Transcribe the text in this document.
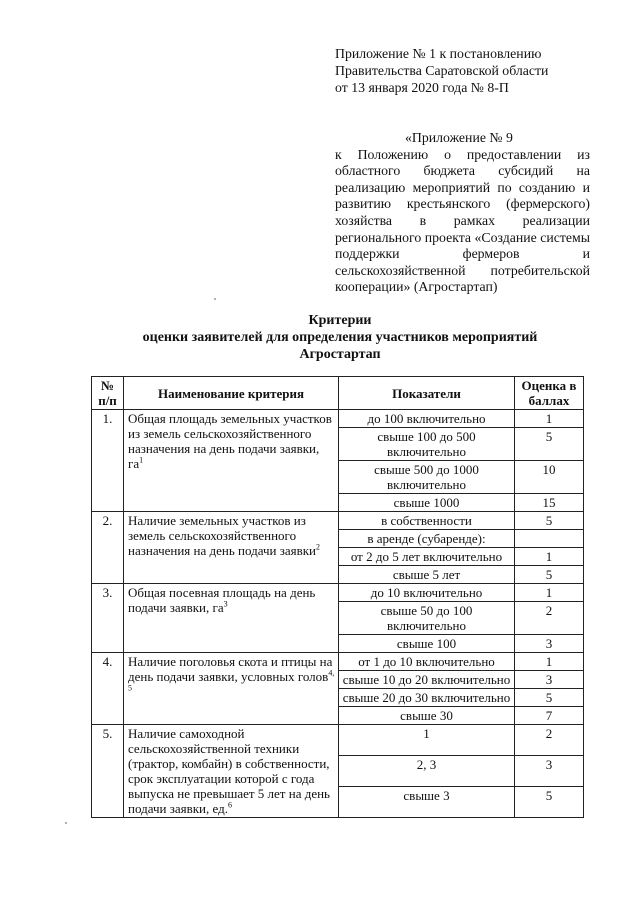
Приложение № 1 к постановлению
Правительства Саратовской области
от 13 января 2020 года № 8-П
«Приложение № 9
к Положению о предоставлении из областного бюджета субсидий на реализацию мероприятий по созданию и развитию крестьянского (фермерского) хозяйства в рамках реализации регионального проекта «Создание системы поддержки фермеров и сельскохозяйственной потребительской кооперации» (Агростартап)
Критерии
оценки заявителей для определения участников мероприятий
Агростартап
№ п/п	Наименование критерия	Показатели	Оценка в баллах
1.	Общая площадь земельных участков из земель сельскохозяйственного назначения на день подачи заявки, $га^1$	до 100 включительно	1
		свыше 100 до 500 включительно	5
		свыше 500 до 1000 включительно	10
		свыше 1000	15
2.	Наличие земельных участков из земель сельскохозяйственного назначения на день подачи заявки$^2$	в собственности	5
		в аренде (субаренде):	
		от 2 до 5 лет включительно	1
		свыше 5 лет	5
3.	Общая посевная площадь на день подачи заявки, $га^3$	до 10 включительно	1
		свыше 50 до 100 включительно	2
		свыше 100	3
4.	Наличие поголовья скота и птицы на день подачи заявки, условных голов$^{4, 5}$	от 1 до 10 включительно	1
		свыше 10 до 20 включительно	3
		свыше 20 до 30 включительно	5
		свыше 30	7
5.	Наличие самоходной сельскохозяйственной техники (трактор, комбайн) в собственности, срок эксплуатации которой с года выпуска не превышает 5 лет на день подачи заявки, ед.$^6$	1	2
		2, 3	3
		свыше 3	5
